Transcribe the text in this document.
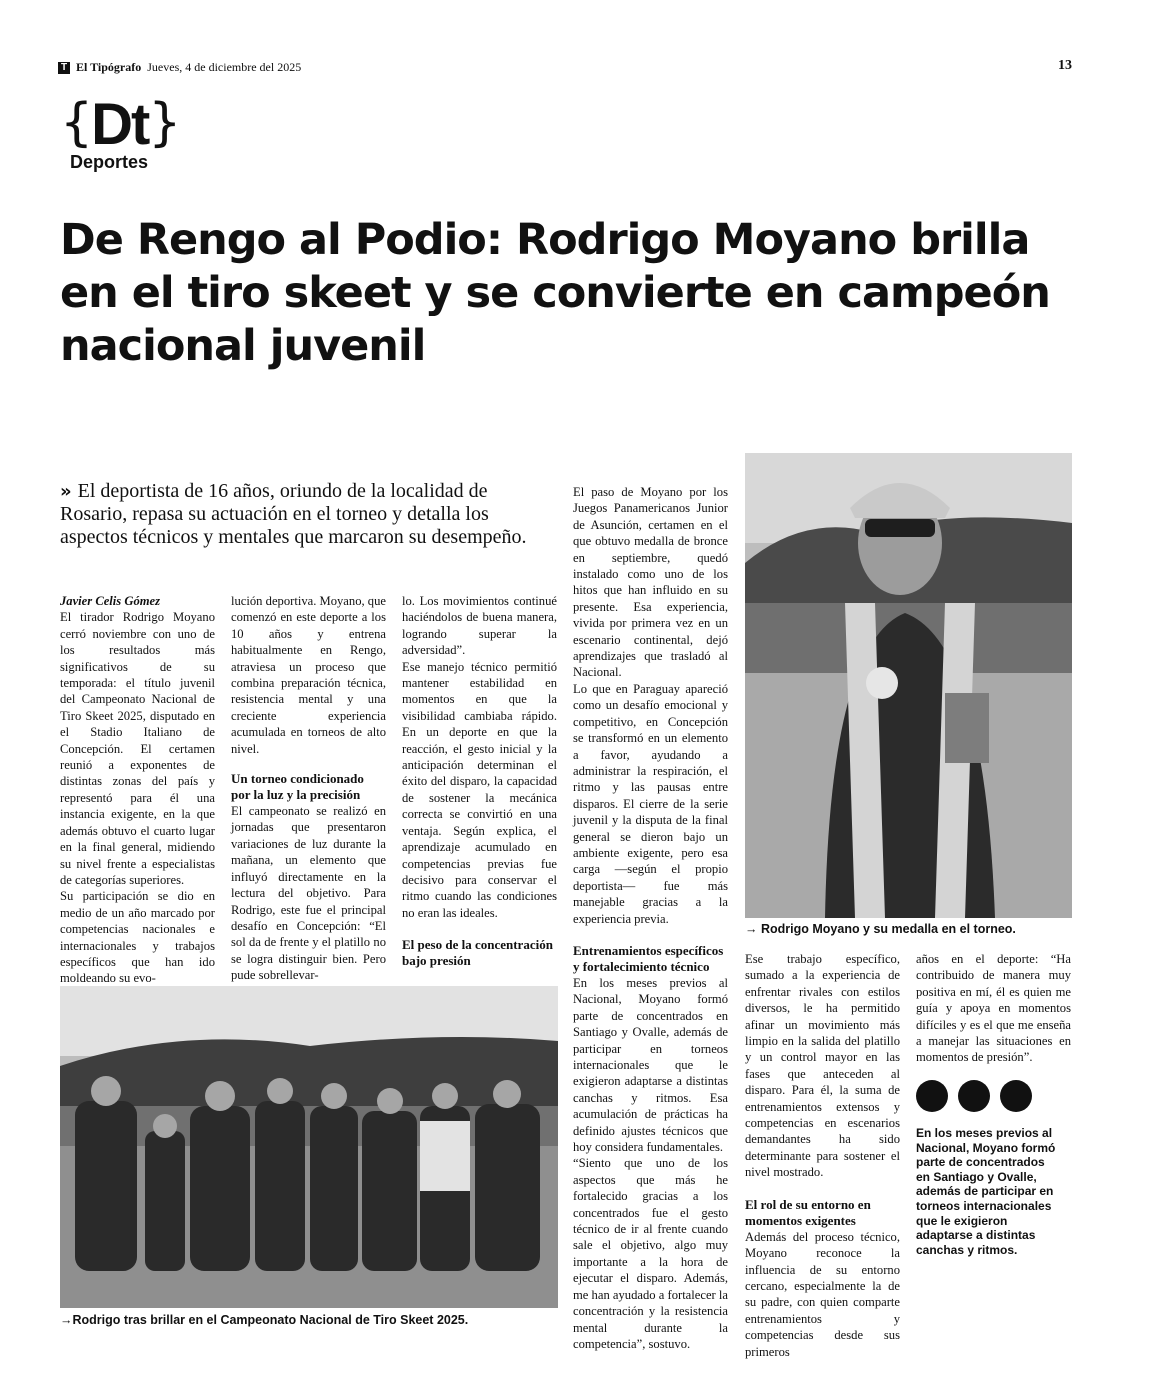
T El Tipógrafo Jueves, 4 de diciembre del 2025	13
{Dt}
Deportes
De Rengo al Podio: Rodrigo Moyano brilla en el tiro skeet y se convierte en campeón nacional juvenil
» El deportista de 16 años, oriundo de la localidad de Rosario, repasa su actuación en el torneo y detalla los aspectos técnicos y mentales que marcaron su desempeño.

Javier Celis Gómez

El tirador Rodrigo Moyano cerró noviembre con uno de los resultados más significativos de su temporada: el título juvenil del Campeonato Nacional de Tiro Skeet 2025, disputado en el Stadio Italiano de Concepción. El certamen reunió a exponentes de distintas zonas del país y representó para él una instancia exigente, en la que además obtuvo el cuarto lugar en la final general, midiendo su nivel frente a especialistas de categorías superiores.

Su participación se dio en medio de un año marcado por competencias nacionales e internacionales y trabajos específicos que han ido moldeando su evo-

lución deportiva. Moyano, que comenzó en este deporte a los 10 años y entrena habitualmente en Rengo, atraviesa un proceso que combina preparación técnica, resistencia mental y una creciente experiencia acumulada en torneos de alto nivel.

Un torneo condicionado por la luz y la precisión

El campeonato se realizó en jornadas que presentaron variaciones de luz durante la mañana, un elemento que influyó directamente en la lectura del objetivo. Para Rodrigo, este fue el principal desafío en Concepción: “El sol da de frente y el platillo no se logra distinguir bien. Pero pude sobrellevar-

lo. Los movimientos continué haciéndolos de buena manera, logrando superar la adversidad”.

Ese manejo técnico permitió mantener estabilidad en momentos en que la visibilidad cambiaba rápido. En un deporte en que la reacción, el gesto inicial y la anticipación determinan el éxito del disparo, la capacidad de sostener la mecánica correcta se convirtió en una ventaja. Según explica, el aprendizaje acumulado en competencias previas fue decisivo para conservar el ritmo cuando las condiciones no eran las ideales.

El peso de la concentración bajo presión

El paso de Moyano por los Juegos Panamericanos Junior de Asunción, certamen en el que obtuvo medalla de bronce en septiembre, quedó instalado como uno de los hitos que han influido en su presente. Esa experiencia, vivida por primera vez en un escenario continental, dejó aprendizajes que trasladó al Nacional.

Lo que en Paraguay apareció como un desafío emocional y competitivo, en Concepción se transformó en un elemento a favor, ayudando a administrar la respiración, el ritmo y las pausas entre disparos. El cierre de la serie juvenil y la disputa de la final general se dieron bajo un ambiente exigente, pero esa carga —según el propio deportista— fue más manejable gracias a la experiencia previa.

Entrenamientos específicos y fortalecimiento técnico

En los meses previos al Nacional, Moyano formó parte de concentrados en Santiago y Ovalle, además de participar en torneos internacionales que le exigieron adaptarse a distintas canchas y ritmos. Esa acumulación de prácticas ha definido ajustes técnicos que hoy considera fundamentales.

“Siento que uno de los aspectos que más he fortalecido gracias a los concentrados fue el gesto técnico de ir al frente cuando sale el objetivo, algo muy importante a la hora de ejecutar el disparo. Además, me han ayudado a fortalecer la concentración y la resistencia mental durante la competencia”, sostuvo.

→ Rodrigo Moyano y su medalla en el torneo.

Ese trabajo específico, sumado a la experiencia de enfrentar rivales con estilos diversos, le ha permitido afinar un movimiento más limpio en la salida del platillo y un control mayor en las fases que anteceden al disparo. Para él, la suma de entrenamientos extensos y competencias en escenarios demandantes ha sido determinante para sostener el nivel mostrado.

El rol de su entorno en momentos exigentes

Además del proceso técnico, Moyano reconoce la influencia de su entorno cercano, especialmente la de su padre, con quien comparte entrenamientos y competencias desde sus primeros

años en el deporte: “Ha contribuido de manera muy positiva en mí, él es quien me guía y apoya en momentos difíciles y es el que me enseña a manejar las situaciones en momentos de presión”.

En los meses previos al Nacional, Moyano formó parte de concentrados en Santiago y Ovalle, además de participar en torneos internacionales que le exigieron adaptarse a distintas canchas y ritmos.
→Rodrigo tras brillar en el Campeonato Nacional de Tiro Skeet 2025.
